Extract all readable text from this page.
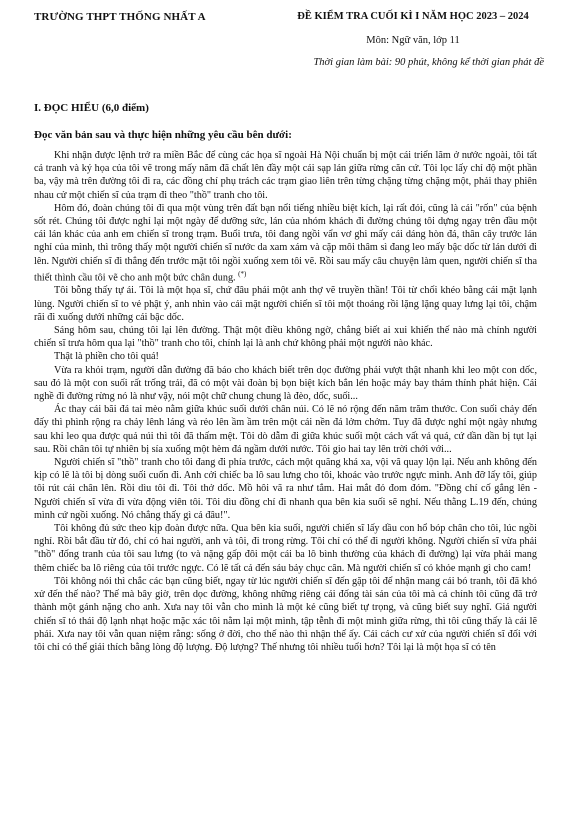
TRƯỜNG THPT THỐNG NHẤT A	ĐỀ KIỂM TRA CUỐI KÌ I NĂM HỌC 2023 – 2024
Môn: Ngữ văn, lớp 11
Thời gian làm bài: 90 phút, không kể thời gian phát đề
I. ĐỌC HIỂU (6,0 điểm)
Đọc văn bản sau và thực hiện những yêu cầu bên dưới:

Khi nhận được lệnh trở ra miền Bắc để cùng các họa sĩ ngoài Hà Nội chuẩn bị một cái triển lãm ở nước ngoài, tôi tất cả tranh và ký họa của tôi vẽ trong mấy năm đã chất lên đầy một cái sạp lán giữa rừng căn cứ. Tôi lọc lấy chỉ độ một phần ba, vậy mà trên đường tôi đi ra, các đồng chí phụ trách các trạm giao liên trên từng chặng từng chặng một, phải thay phiên nhau cử một chiến sĩ của trạm đi theo "thồ" tranh cho tôi.

Hôm đó, đoàn chúng tôi đi qua một vùng trên đất bạn nổi tiếng nhiều biệt kích, lại rất đói, cũng là cái "rốn" của bệnh sốt rét. Chúng tôi được nghỉ lại một ngày để dưỡng sức, lán của nhóm khách đi đường chúng tôi dựng ngay trên đầu một cái lán khác của anh em chiến sĩ trong trạm. Buổi trưa, tôi đang ngồi vẩn vơ ghi mấy cái dáng hòn đá, thân cây trước lán nghỉ của mình, thì trông thấy một người chiến sĩ nước da xam xám và cặp môi thâm sì đang leo mấy bậc dốc từ lán dưới đi lên. Người chiến sĩ đi thẳng đến trước mặt tôi ngồi xuống xem tôi vẽ. Rồi sau mấy câu chuyện làm quen, người chiến sĩ tha thiết thình cầu tôi vẽ cho anh một bức chân dung. (*)

Tôi bỗng thấy tự ái. Tôi là một họa sĩ, chứ đâu phải một anh thợ vẽ truyền thần! Tôi từ chối khéo bằng cái mặt lạnh lùng. Người chiến sĩ to vẻ phật ý, anh nhìn vào cái mặt người chiến sĩ tôi một thoáng rồi lặng lặng quay lưng lại tôi, chậm rãi đi xuống dưới những cái bậc dốc.

Sáng hôm sau, chúng tôi lại lên đường. Thật một điều không ngờ, chẳng biết ai xui khiến thế nào mà chính người chiến sĩ trưa hôm qua lại "thồ" tranh cho tôi, chính lại là anh chứ không phải một người nào khác.

Thật là phiền cho tôi quá!

Vừa ra khỏi trạm, người dẫn đường đã báo cho khách biết trên dọc đường phải vượt thật nhanh khi leo một con dốc, sau đó là một con suối rất trống trải, đã có một vài đoàn bị bọn biệt kích bắn lén hoặc máy bay thám thính phát hiện. Cái nghề đi đường rừng nó là như vậy, nói một chữ chung chung là đèo, dốc, suối...

Ác thay cái bãi đá tai mèo nằm giữa khúc suối dưới chân núi. Có lẽ nó rộng đến năm trăm thước. Con suối chảy đến đấy thì phình rộng ra chảy lênh láng và rẻo lên ầm ầm trên một cái nền đá lởm chởm. Tuy đã được nghỉ một ngày nhưng sau khi leo qua được quả núi thì tôi đã thấm mệt. Tôi dò dẫm đi giữa khúc suối một cách vất vả quá, cứ dần dần bị tụt lại sau. Rồi chân tôi tự nhiên bị sía xuống một hèm đá ngầm dưới nước. Tôi gio hai tay lên trời chới với...

Người chiến sĩ "thồ" tranh cho tôi đang đi phía trước, cách một quãng khá xa, vội vã quay lộn lại. Nếu anh không đến kịp có lẽ là tôi bị dòng suối cuốn đi. Anh cởi chiếc ba lô sau lưng cho tôi, khoác vào trước ngực mình. Anh đỡ lấy tôi, giúp tôi rút cái chân lên. Rồi dìu tôi đi. Tôi thở dốc. Mồ hôi vã ra như tắm. Hai mắt đỏ đom đóm. "Đồng chí cố gắng lên - Người chiến sĩ vừa đi vừa động viên tôi. Tôi dìu đồng chí đi nhanh qua bên kia suối sẽ nghỉ. Nếu thằng L.19 đến, chúng mình cứ ngồi xuống. Nó chẳng thấy gì cả đâu!".

Tôi không đủ sức theo kịp đoàn được nữa. Qua bên kia suối, người chiến sĩ lấy dầu con hổ bóp chân cho tôi, lúc ngồi nghỉ. Rồi bắt đầu từ đó, chỉ có hai người, anh và tôi, đi trong rừng. Tôi chỉ có thể đi người không. Người chiến sĩ vừa phải "thồ" đống tranh của tôi sau lưng (to và nặng gấp đôi một cái ba lô bình thường của khách đi đường) lại vừa phải mang thêm chiếc ba lô riêng của tôi trước ngực. Có lẽ tất cả đến sáu bảy chục cân. Mà người chiến sĩ có khỏe mạnh gì cho cam!

Tôi không nói thì chắc các bạn cũng biết, ngay từ lúc người chiến sĩ đến gặp tôi để nhận mang cái bó tranh, tôi đã khó xử đến thế nào? Thế mà bây giờ, trên dọc đường, không những riêng cái đống tài sản của tôi mà cả chính tôi cũng đã trở thành một gánh nặng cho anh. Xưa nay tôi vẫn cho mình là một kẻ cũng biết tự trọng, và cũng biết suy nghĩ. Giá người chiến sĩ tỏ thái độ lạnh nhạt hoặc mặc xác tôi nằm lại một mình, tập tễnh đi một mình giữa rừng, thì tôi cũng thấy là cái lẽ phải. Xưa nay tôi vẫn quan niệm rằng: sống ở đời, cho thế nào thì nhận thế ấy. Cái cách cư xử của người chiến sĩ đối với tôi chỉ có thể giải thích bằng lòng độ lượng. Độ lượng? Thế nhưng tôi nhiều tuổi hơn? Tôi lại là một họa sĩ có tên
